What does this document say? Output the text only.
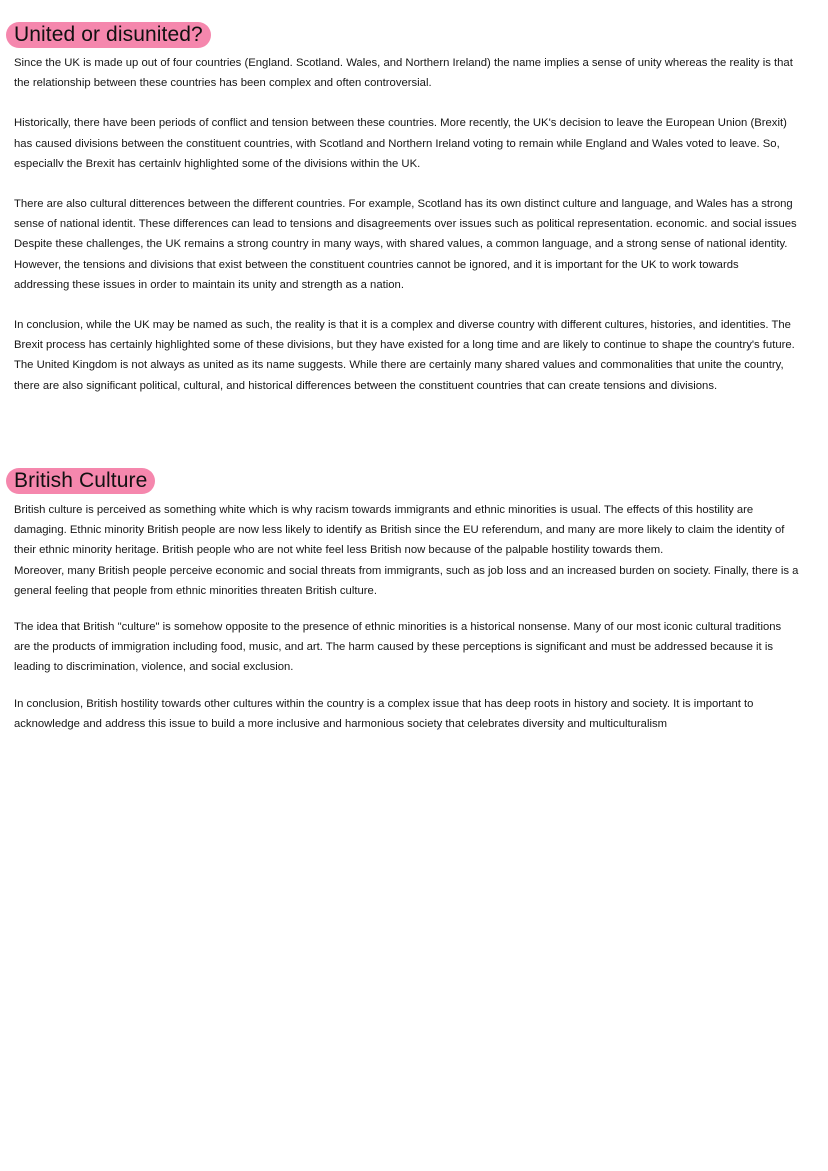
United or disunited?

Since the UK is made up out of four countries (England. Scotland. Wales, and Northern Ireland) the name implies a sense of unity whereas the reality is that
the relationship between these countries has been complex and often controversial.

Historically, there have been periods of conflict and tension between these countries. More recently, the UK's decision to leave the European Union (Brexit)
has caused divisions between the constituent countries, with Scotland and Northern Ireland voting to remain while England and Wales voted to leave. So,
especiallv the Brexit has certainlv highlighted some of the divisions within the UK.

There are also cultural ditterences between the different countries. For example, Scotland has its own distinct culture and language, and Wales has a strong
sense of national identit. These differences can lead to tensions and disagreements over issues such as political representation. economic. and social issues
Despite these challenges, the UK remains a strong country in many ways, with shared values, a common language, and a strong sense of national identity.
However, the tensions and divisions that exist between the constituent countries cannot be ignored, and it is important for the UK to work towards
addressing these issues in order to maintain its unity and strength as a nation.

In conclusion, while the UK may be named as such, the reality is that it is a complex and diverse country with different cultures, histories, and identities. The
Brexit process has certainly highlighted some of these divisions, but they have existed for a long time and are likely to continue to shape the country's future.
The United Kingdom is not always as united as its name suggests. While there are certainly many shared values and commonalities that unite the country,
there are also significant political, cultural, and historical differences between the constituent countries that can create tensions and divisions.

British Culture

British culture is perceived as something white which is why racism towards immigrants and ethnic minorities is usual. The effects of this hostility are
damaging. Ethnic minority British people are now less likely to identify as British since the EU referendum, and many are more likely to claim the identity of
their ethnic minority heritage. British people who are not white feel less British now because of the palpable hostility towards them.
Moreover, many British people perceive economic and social threats from immigrants, such as job loss and an increased burden on society. Finally, there is a
general feeling that people from ethnic minorities threaten British culture.

The idea that British "culture" is somehow opposite to the presence of ethnic minorities is a historical nonsense. Many of our most iconic cultural traditions
are the products of immigration including food, music, and art. The harm caused by these perceptions is significant and must be addressed because it is
leading to discrimination, violence, and social exclusion.

In conclusion, British hostility towards other cultures within the country is a complex issue that has deep roots in history and society. It is important to
acknowledge and address this issue to build a more inclusive and harmonious society that celebrates diversity and multiculturalism
